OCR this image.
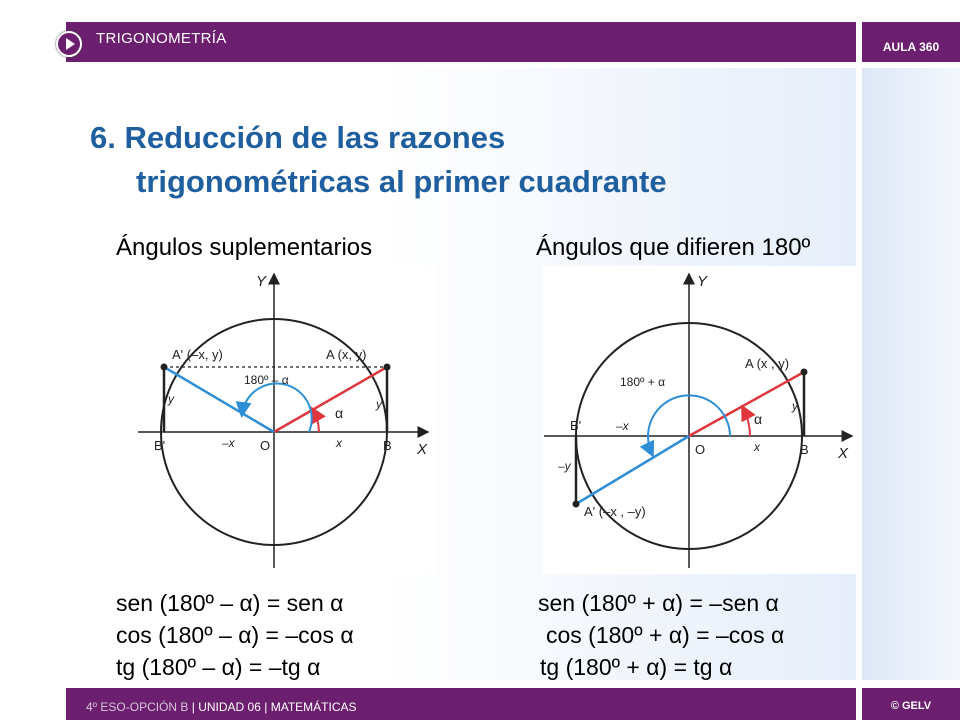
TRIGONOMETRÍA	AULA 360
6. Reducción de las razones
trigonométricas al primer cuadrante
Ángulos suplementarios	Ángulos que difieren 180º
Y
X
A' (–x, y)	A (x, y)
180º – α
α
O	B
B'	x
–x
y	y
Y
X
A (x , y)
A' (–x , –y)
180º + α
α
O	B
B'
x
–x
y
–y
sen (180º – α) = sen α
cos (180º – α) = –cos α
tg (180º – α) = –tg α
sen (180º + α) = –sen α
cos (180º + α) = –cos α
tg (180º + α) = tg α
4º ESO-OPCIÓN B | UNIDAD 06 | MATEMÁTICAS	© GELV
